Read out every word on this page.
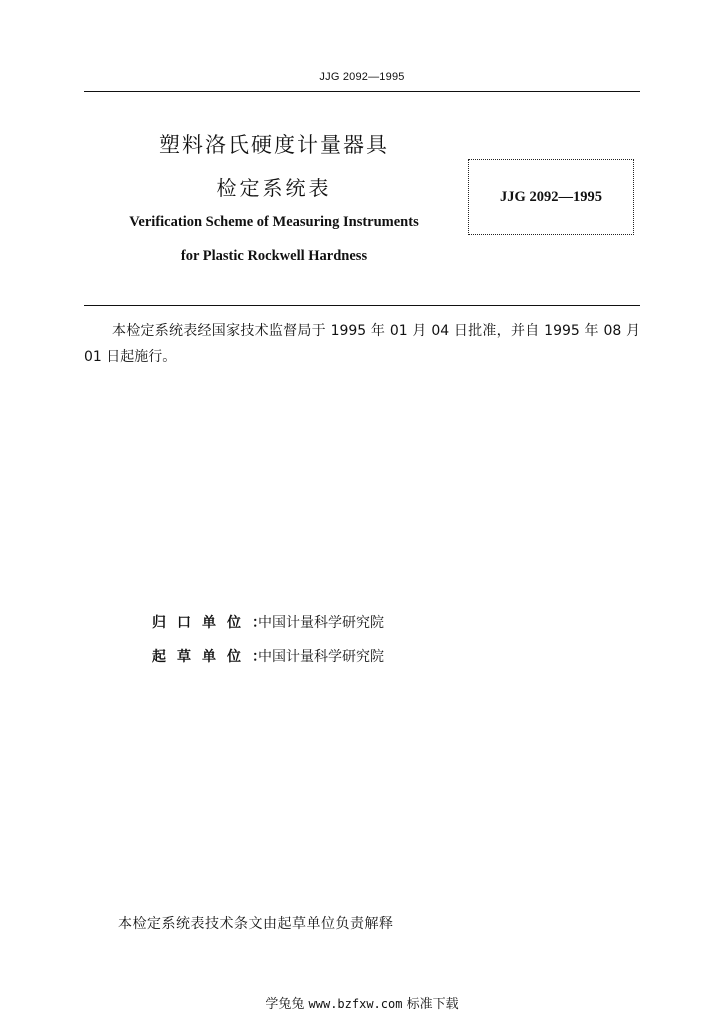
JJG 2092—1995
塑料洛氏硬度计量器具
检定系统表
Verification Scheme of Measuring Instruments
for Plastic Rockwell Hardness
JJG 2092—1995
本检定系统表经国家技术监督局于 1995 年 01 月 04 日批准，并自 1995 年 08 月 01 日起施行。
归口单位：
中国计量科学研究院
起草单位：
中国计量科学研究院
本检定系统表技术条文由起草单位负责解释
学兔兔 www.bzfxw.com 标准下载
